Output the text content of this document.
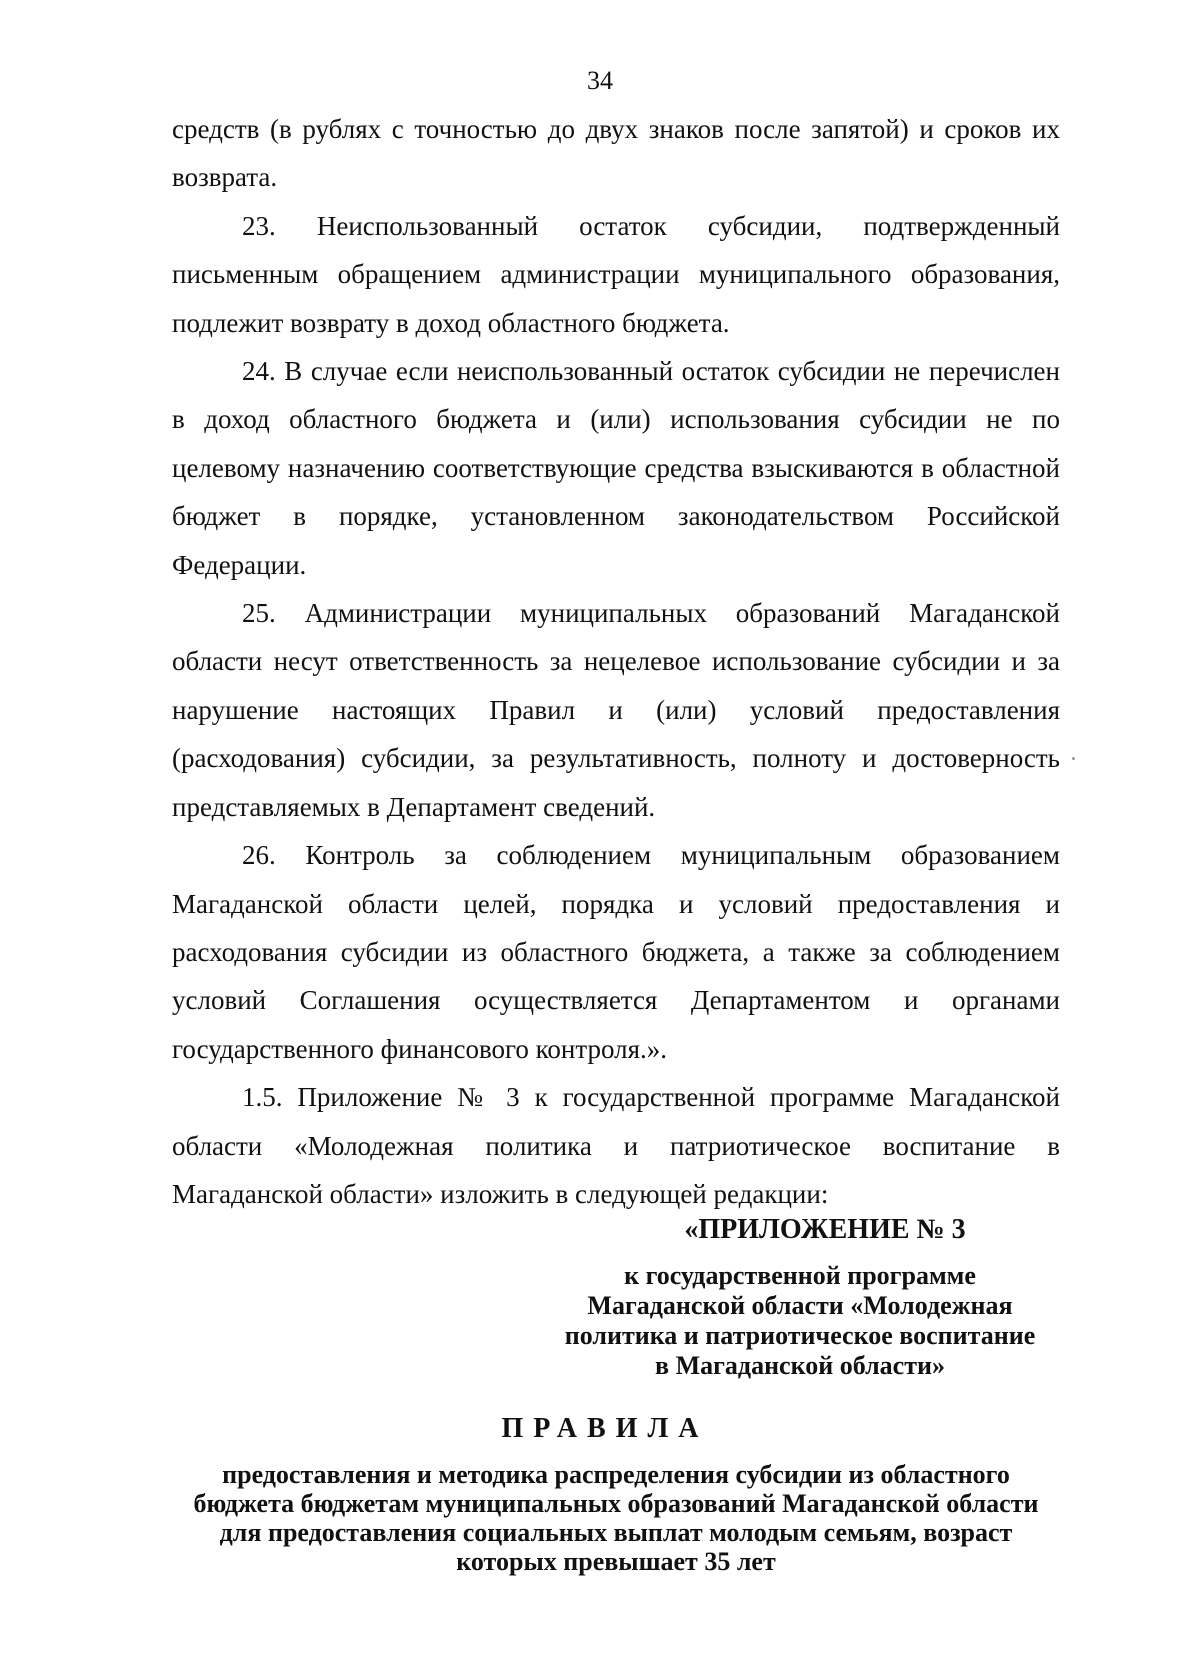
34

средств (в рублях с точностью до двух знаков после запятой) и сроков их возврата.

23. Неиспользованный остаток субсидии, подтвержденный письменным обращением администрации муниципального образования, подлежит возврату в доход областного бюджета.

24. В случае если неиспользованный остаток субсидии не перечислен в доход областного бюджета и (или) использования субсидии не по целевому назначению соответствующие средства взыскиваются в областной бюджет в порядке, установленном законодательством Российской Федерации.

25. Администрации муниципальных образований Магаданской области несут ответственность за нецелевое использование субсидии и за нарушение настоящих Правил и (или) условий предоставления (расходования) субсидии, за результативность, полноту и достоверность представляемых в Департамент сведений.

26. Контроль за соблюдением муниципальным образованием Магаданской области целей, порядка и условий предоставления и расходования субсидии из областного бюджета, а также за соблюдением условий Соглашения осуществляется Департаментом и органами государственного финансового контроля.».

1.5. Приложение № 3 к государственной программе Магаданской области «Молодежная политика и патриотическое воспитание в Магаданской области» изложить в следующей редакции:

«ПРИЛОЖЕНИЕ № 3
к государственной программе Магаданской области «Молодежная политика и патриотическое воспитание в Магаданской области»
ПРАВИЛА
предоставления и методика распределения субсидии из областного бюджета бюджетам муниципальных образований Магаданской области для предоставления социальных выплат молодым семьям, возраст которых превышает 35 лет
